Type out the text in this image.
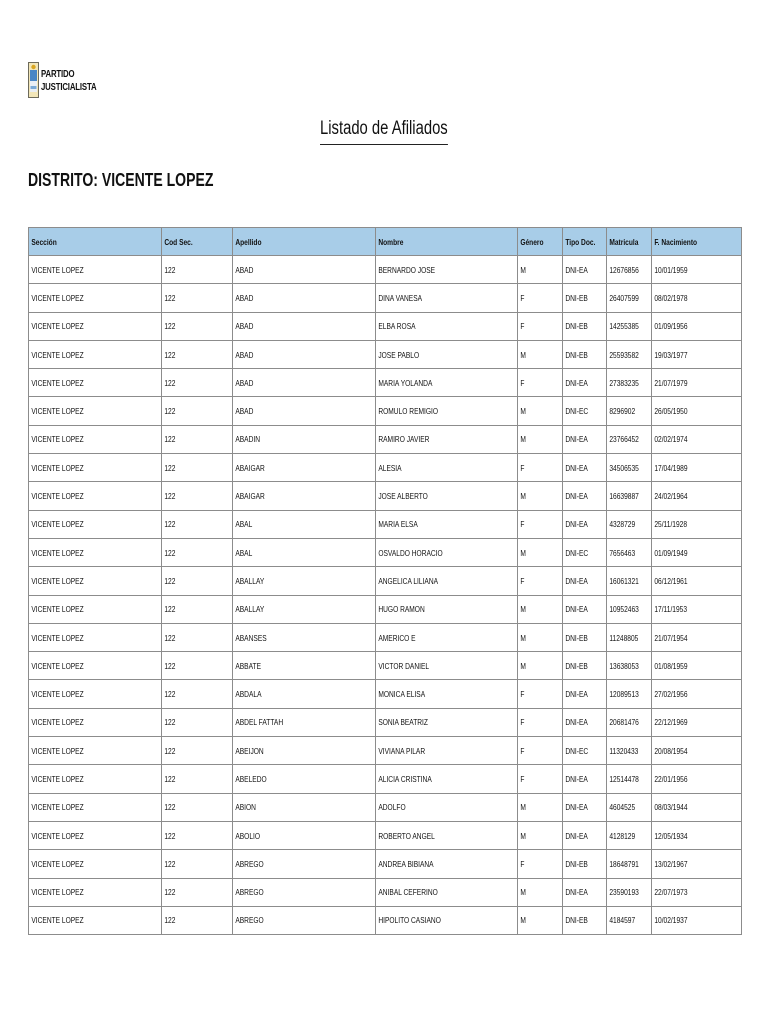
PARTIDO
JUSTICIALISTA
Listado de Afiliados
DISTRITO: VICENTE LOPEZ
Sección	Cod Sec.	Apellido	Nombre	Género	Tipo Doc.	Matricula	F. Nacimiento
VICENTE LOPEZ	122	ABAD	BERNARDO JOSE	M	DNI-EA	12676856	10/01/1959
VICENTE LOPEZ	122	ABAD	DINA VANESA	F	DNI-EB	26407599	08/02/1978
VICENTE LOPEZ	122	ABAD	ELBA ROSA	F	DNI-EB	14255385	01/09/1956
VICENTE LOPEZ	122	ABAD	JOSE PABLO	M	DNI-EB	25593582	19/03/1977
VICENTE LOPEZ	122	ABAD	MARIA YOLANDA	F	DNI-EA	27383235	21/07/1979
VICENTE LOPEZ	122	ABAD	ROMULO REMIGIO	M	DNI-EC	8296902	26/05/1950
VICENTE LOPEZ	122	ABADIN	RAMIRO JAVIER	M	DNI-EA	23766452	02/02/1974
VICENTE LOPEZ	122	ABAIGAR	ALESIA	F	DNI-EA	34506535	17/04/1989
VICENTE LOPEZ	122	ABAIGAR	JOSE ALBERTO	M	DNI-EA	16639887	24/02/1964
VICENTE LOPEZ	122	ABAL	MARIA ELSA	F	DNI-EA	4328729	25/11/1928
VICENTE LOPEZ	122	ABAL	OSVALDO HORACIO	M	DNI-EC	7656463	01/09/1949
VICENTE LOPEZ	122	ABALLAY	ANGELICA LILIANA	F	DNI-EA	16061321	06/12/1961
VICENTE LOPEZ	122	ABALLAY	HUGO RAMON	M	DNI-EA	10952463	17/11/1953
VICENTE LOPEZ	122	ABANSES	AMERICO E	M	DNI-EB	11248805	21/07/1954
VICENTE LOPEZ	122	ABBATE	VICTOR DANIEL	M	DNI-EB	13638053	01/08/1959
VICENTE LOPEZ	122	ABDALA	MONICA ELISA	F	DNI-EA	12089513	27/02/1956
VICENTE LOPEZ	122	ABDEL FATTAH	SONIA BEATRIZ	F	DNI-EA	20681476	22/12/1969
VICENTE LOPEZ	122	ABEIJON	VIVIANA PILAR	F	DNI-EC	11320433	20/08/1954
VICENTE LOPEZ	122	ABELEDO	ALICIA CRISTINA	F	DNI-EA	12514478	22/01/1956
VICENTE LOPEZ	122	ABION	ADOLFO	M	DNI-EA	4604525	08/03/1944
VICENTE LOPEZ	122	ABOLIO	ROBERTO ANGEL	M	DNI-EA	4128129	12/05/1934
VICENTE LOPEZ	122	ABREGO	ANDREA BIBIANA	F	DNI-EB	18648791	13/02/1967
VICENTE LOPEZ	122	ABREGO	ANIBAL CEFERINO	M	DNI-EA	23590193	22/07/1973
VICENTE LOPEZ	122	ABREGO	HIPOLITO CASIANO	M	DNI-EB	4184597	10/02/1937
